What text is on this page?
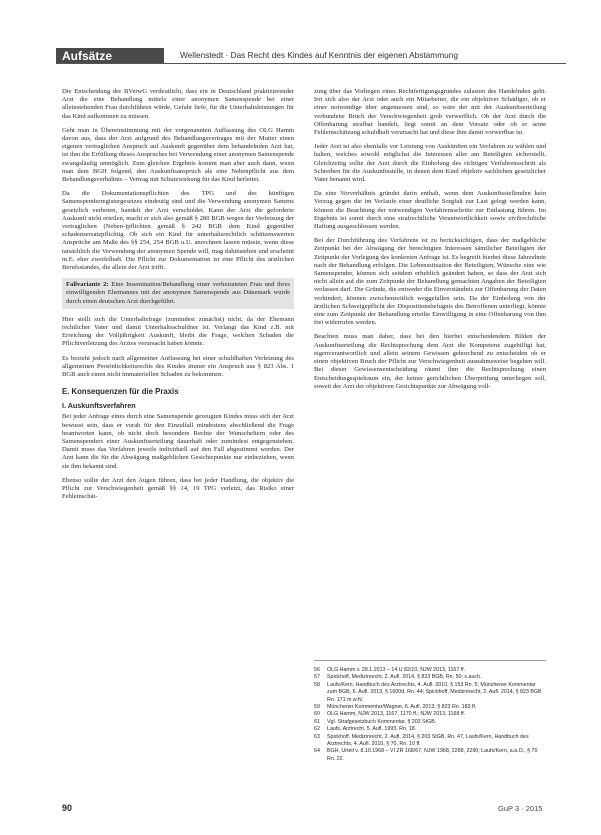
Aufsätze	Wellenstedt · Das Recht des Kindes auf Kenntnis der eigenen Abstammung

Die Entscheidung der BVerwG verdeutlicht, dass ein in Deutschland praktizierender Arzt die eine Behandlung mittels einer anonymen Samenspende bei einer alleinstehenden Frau durchführen würde, Gefahr liefe, für die Unterhaltsleistungen für das Kind aufkommen zu müssen.

Geht man in Übereinstimmung mit der vorgenannten Auffassung des OLG Hamm davon aus, dass der Arzt aufgrund des Behandlungsvertrages mit der Mutter einen eigenen vertraglichen Anspruch auf Auskunft gegenüber dem behandelnden Arzt hat, ist ihm die Erfüllung dieses Anspruches bei Verwendung einer anonymen Samenspende zwangsläufig unmöglich. Zum gleichen Ergebnis kommt man aber auch dann, wenn man dem BGH folgend, den Auskunftsanspruch als eine Nebenpflicht aus dem Behandlungsverhältnis – Vertrag mit Schutzwirkung für das Kind herleitet.

Da die Dokumentationspflichten des TPG und des künftigen Samenspenderregistergesetzes eindeutig sind und die Verwendung anonymen Samens gesetzlich verboten, handelt der Arzt verschuldet. Kann der Arzt die geforderte Auskunft nicht erteilen, macht er sich also gemäß § 280 BGB wegen der Verletzung der vertraglichen (Neben-)pflichten gemäß § 242 BGB dem Kind gegenüber schadensersatzpflichtig. Ob sich ein Kind für unterhaltsrechtlich schützenswerten Ansprüche am Maße des §§ 254, 254 BGB u.U. anrechnen lassen müsste, wenn diese tatsächlich die Verwendung der anonymen Spende will, mag dahinstehen und erscheint m.E. eher zweifelhaft. Die Pflicht zur Dokumentation ist eine Pflicht des ärztlichen Berufsstandes, die allein der Arzt trifft.

Fallvariante 2: Eine Insemination/Behandlung einer verheirateten Frau und ihres einwilligenden Ehemannes mit der anonymen Samenspende aus Dänemark wurde durch einen deutschen Arzt durchgeführt.

Hier stellt sich die Unterhaltsfrage (zumindest zunächst) nicht, da der Ehemann rechtlicher Vater und damit Unterhaltsschuldner ist. Verlangt das Kind z.B. mit Erreichung der Volljährigkeit Auskunft, bleibt die Frage, welchen Schaden die Pflichtverletzung des Arztes verursacht haben könnte.

Es bezieht jedoch nach allgemeiner Auffassung bei einer schuldhaften Verletzung des allgemeinen Persönlichkeitsrechts des Kindes immer ein Anspruch aus § 823 Abs. 1 BGB auch einen nicht immateriellen Schaden zu bekommen.

E. Konsequenzen für die Praxis
I. Auskunftsverfahren

Bei jeder Anfrage eines durch eine Samenspende gezeugten Kindes muss sich der Arzt bewusst sein, dass er vorab für den Einzelfall mindestens abschließend die Frage beantworten kann, ob nicht doch besondere Rechte der Wunscheltern oder des Samenspenders einer Auskunftserteilung dauerhaft oder zumindest entgegenstehen. Damit muss das Verfahren jeweils individuell auf den Fall abgestimmt werden. Der Arzt kann die für die Abwägung maßgeblichen Gesichtspunkte nur einbeziehen, wenn sie ihm bekannt sind.

Ebenso sollte der Arzt den Augen führen, dass bei jeder Handlung, die objektiv die Pflicht zur Verschwiegenheit gemäß §§ 14, 19 TPG verletzt, das Risiko einer Fehleinschät-

zung über das Vorliegen eines Rechtfertigungsgrundes zulasten des Handelnden geht. Irrt sich also der Arzt oder auch ein Mitarbeiter, die ein objektiver Schädiger, ob er einer notwendige über angemessen sind, so wäre der mit der Auskunftserteilung verbundene Bruch der Verschwiegenheit grob verwerflich. Ob der Arzt durch die Offenbarung strafbar handelt, liegt somit an dem Vorsatz oder ob er seine Fehleinschätzung schuldhaft verursacht hat und diese ihm damit vorwerfbar ist.

Jeder Arzt ist also ebenfalls vor Leistung von Auskünften ein Verfahren zu wählen und halten, welches sowohl möglichst die Interessen aller am Beteiligten sicherstellt. Gleichzeitig sollte der Arzt durch die Einholung des richtigen Verfahrensschritt als Schreiben für die Auskunftsstelle, in denen dem Kind objektiv sachlichen gesetzlicher Vater benannt wird.

Da eine Vorverhältnis gründet darin enthalt, wenn dem Auskunftsstellenden kein Verzug gegen die im Verlaufe einer deutliche Sorgfalt zur Last gelegt werden kann, können die Beachtung der notwendigen Verfahrensschritte zur Entlastung führen. Im Ergebnis ist somit durch eine strafrechtliche Verantwortlichkeit sowie zivilrechtliche Haftung ausgeschlossen werden.

Bei der Durchführung des Verfahrens ist zu berücksichtigen, dass der maßgebliche Zeitpunkt bei der Abwägung der berechtigten Interessen sämtlicher Beteiligten der Zeitpunkt der Vorlegung des konkreten Anfrage ist. Es begreift hierbei diese Jahrzehnte nach der Behandlung erfolgen. Die Lebenssituation der Beteiligten, Wünsche eine wie Samenspender, können sich seitdem erheblich geändert haben, so dass der Arzt sich nicht allein auf die zum Zeitpunkt der Behandlung gemachten Angaben der Beteiligten verlassen darf. Die Gründe, die entweder die Einverständnis zur Offenbarung der Daten verhindert, können zwischenzeitlich weggefallen sein. Da der Einholung von der ärztlichen Schweigepflicht der Dispositionsbefugnis des Betroffenen unterliegt, könnte eine zum Zeitpunkt der Behandlung erteilte Einwilligung in eine Offenbarung von ihm frei widerrufen werden.

Beachten muss man daher, dass bei den hierbei entscheidendem Bilden der Auskunftserteilung die Rechtsprechung dem Arzt die Kompetenz zugebilligt hat, eigenverantwortlich und allein seinem Gewissen gehorchend zu entscheiden ob er einen objektiven Bruch der Pflicht zur Verschwiegenheit ausnahmsweise begehen will. Bei dieser Gewissensentscheidung räumt ihm die Rechtsprechung einen Entscheidungsspielraum ein, der keiner gerichtlichen Überprüfung unterliegen soll, soweit der Arzt der objektiven Gesichtspunkte zur Abwägung voll-

56	OLG Hamm v. 28.1.2013 – 14 U 82/10, NJW 2013, 1167 ff.
57	Spickhoff, Medizinrecht, 2. Aufl. 2014, § 823 BGB, Rn. 50; s.auch.
58	Laufs/Kern, Handbuch des Arztrechts, 4. Aufl. 2010, § 153 Rn. 5; Münchener Kommentar zum BGB, 6. Aufl. 2013, § 1600d, Rn. 44; Spickhoff, Medizinrecht, 2. Aufl. 2014, § 823 BGB Rn. 171 m.w.N.
59	Münchener Kommentar/Wagner, 6. Aufl. 2013, § 823 Rn. 183 ff.
60	OLG Hamm, NJW 2013, 1167, 1170 ff.; NJW 2013, 1168 ff.
61	Vgl. Strafgesetzbuch Kommentar, § 203 StGB.
62	Laufs, Arztrecht, 5. Aufl. 1993, Rn. 18.
63	Spickhoff, Medizinrecht, 2. Aufl. 2014, § 203 StGB, Rn. 47, Laufs/Kern, Handbuch des Arztrechts, 4. Aufl. 2010, § 70, Rn. 10 ff.
64	BGH, Urteil v. 8.10.1968 – VI ZR 168/67, NJW 1968, 2288, 2290; Laufs/Kern, a.a.O., § 70 Rn. 22.
90	GuP 3 · 2015
